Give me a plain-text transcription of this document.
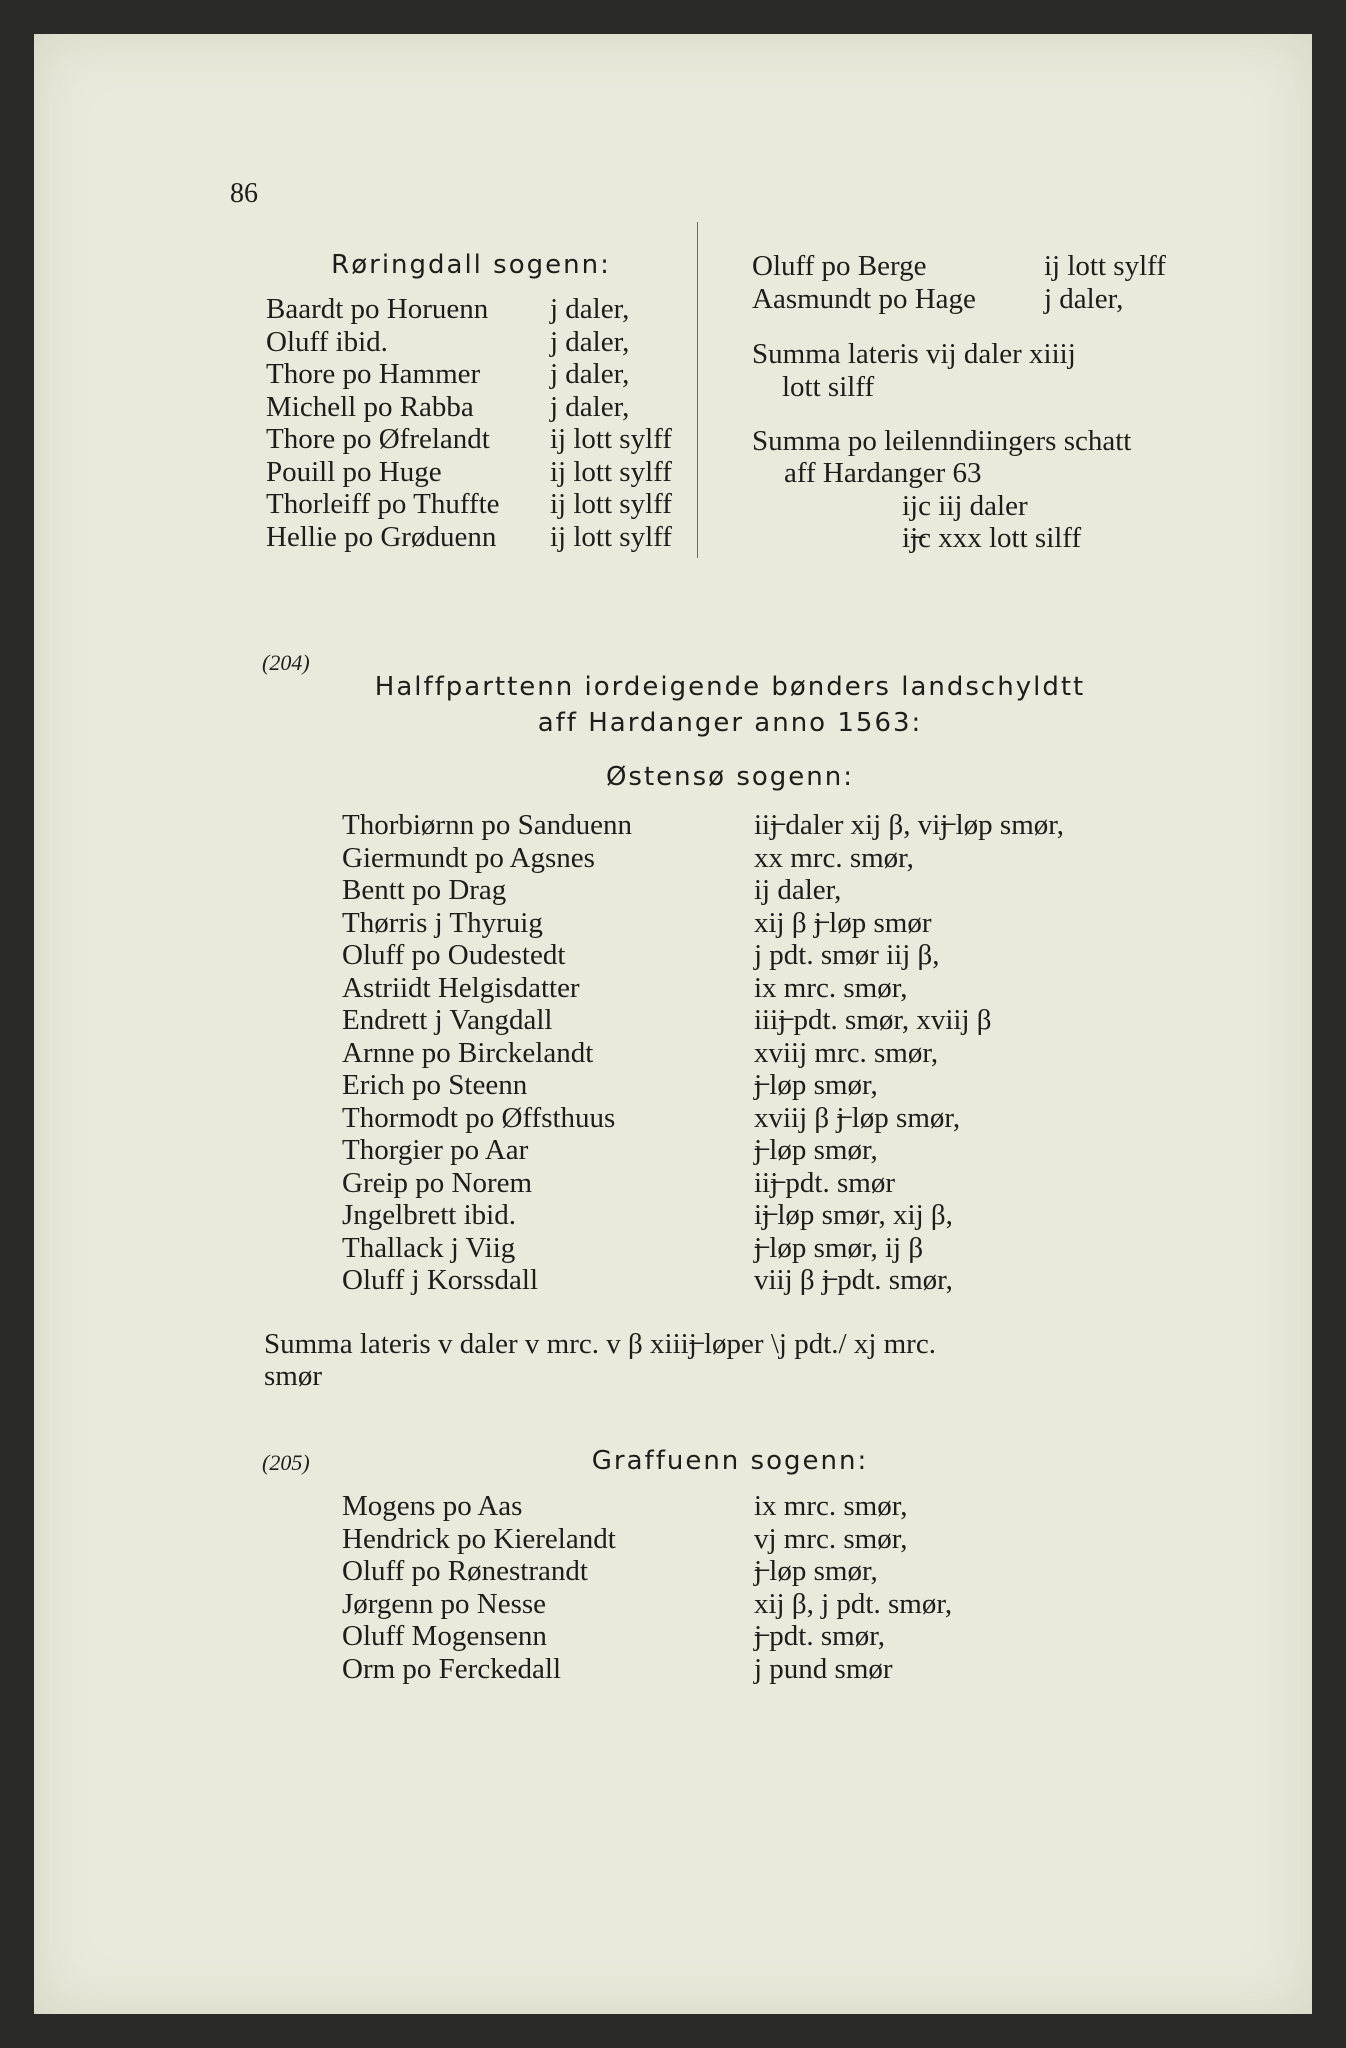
86
Røringdall sogenn:
Baardt po Horuenn j daler,
Oluff ibid.	j daler,
Thore po Hammer j daler,
Michell po Rabba	j daler,
Thore po Øfrelandt ij lott sylff
Pouill po Huge	ij lott sylff
Thorleiff po Thuffte ij lott sylff
Hellie po Grøduenn ij lott sylff
Oluff po Berge	ij lott sylff
Aasmundt po Hage j daler,
Summa lateris vij daler xiiij
lott silff
Summa po leilenndiingers schatt
aff Hardanger 63
ijc iij daler
ij̶c xxx lott silff
(204)
Halffparttenn iordeigende bønders landschyldtt
aff Hardanger anno 1563:
Østensø sogenn:
Thorbiørnn po Sanduenn	iij̶ daler xij β, vij̶ løp smør,
Giermundt po Agsnes	xx mrc. smør,
Bentt po Drag	ij daler,
Thørris j Thyruig	xij β j̶ løp smør
Oluff po Oudestedt	j pdt. smør iij β,
Astriidt Helgisdatter	ix mrc. smør,
Endrett j Vangdall	iiij̶ pdt. smør, xviij β
Arnne po Birckelandt	xviij mrc. smør,
Erich po Steenn	j̶ løp smør,
Thormodt po Øffsthuus	xviij β j̶ løp smør,
Thorgier po Aar	j̶ løp smør,
Greip po Norem	iij̶ pdt. smør
Jngelbrett ibid.	ij̶ løp smør, xij β,
Thallack j Viig	j̶ løp smør, ij β
Oluff j Korssdall	viij β j̶ pdt. smør,
Summa lateris v daler v mrc. v β xiiij̶ løper \j pdt./ xj mrc.
smør
(205)	Graffuenn sogenn:
Mogens po Aas	ix mrc. smør,
Hendrick po Kierelandt	vj mrc. smør,
Oluff po Rønestrandt	j̶ løp smør,
Jørgenn po Nesse	xij β, j pdt. smør,
Oluff Mogensenn	j̶ pdt. smør,
Orm po Ferckedall	j pund smør
